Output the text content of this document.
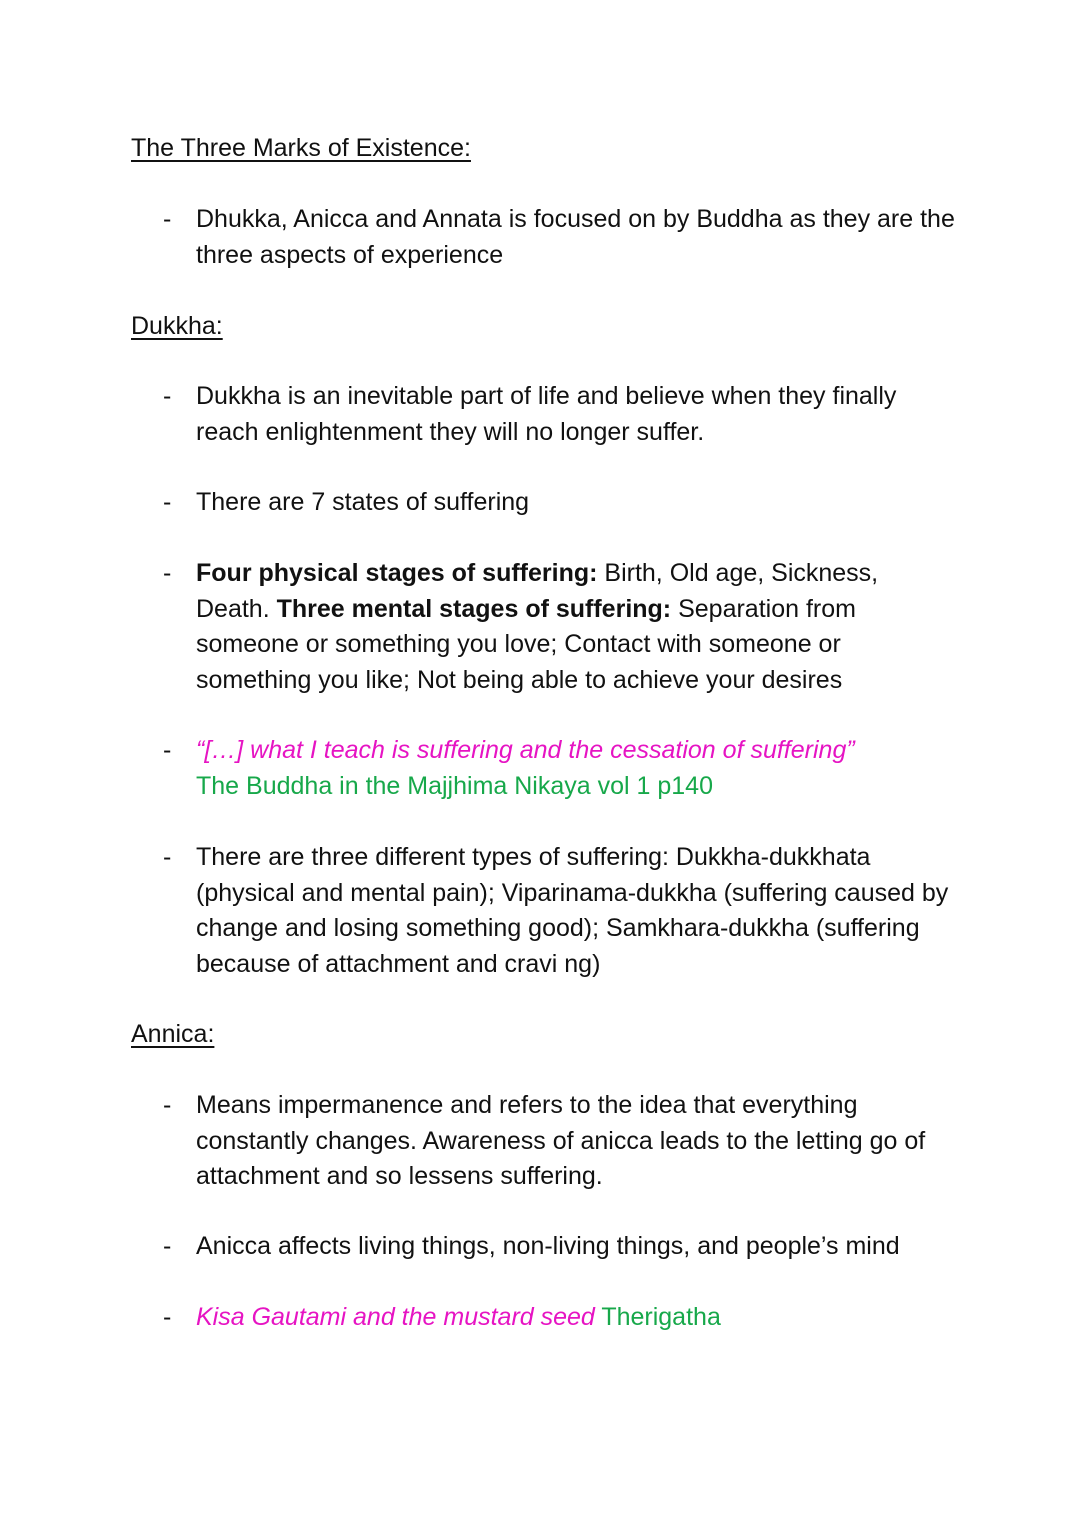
The Three Marks of Existence:
- Dhukka, Anicca and Annata is focused on by Buddha as they are the three aspects of experience
Dukkha:
- Dukkha is an inevitable part of life and believe when they finally reach enlightenment they will no longer suffer.
- There are 7 states of suffering
- Four physical stages of suffering: Birth, Old age, Sickness, Death. Three mental stages of suffering: Separation from someone or something you love; Contact with someone or something you like; Not being able to achieve your desires
- “[…] what I teach is suffering and the cessation of suffering”
The Buddha in the Majjhima Nikaya vol 1 p140
- There are three different types of suffering: Dukkha-dukkhata (physical and mental pain); Viparinama-dukkha (suffering caused by change and losing something good); Samkhara-dukkha (suffering because of attachment and cravi ng)
Annica:
- Means impermanence and refers to the idea that everything constantly changes. Awareness of anicca leads to the letting go of attachment and so lessens suffering.
- Anicca affects living things, non-living things, and people’s mind
- Kisa Gautami and the mustard seed Therigatha
